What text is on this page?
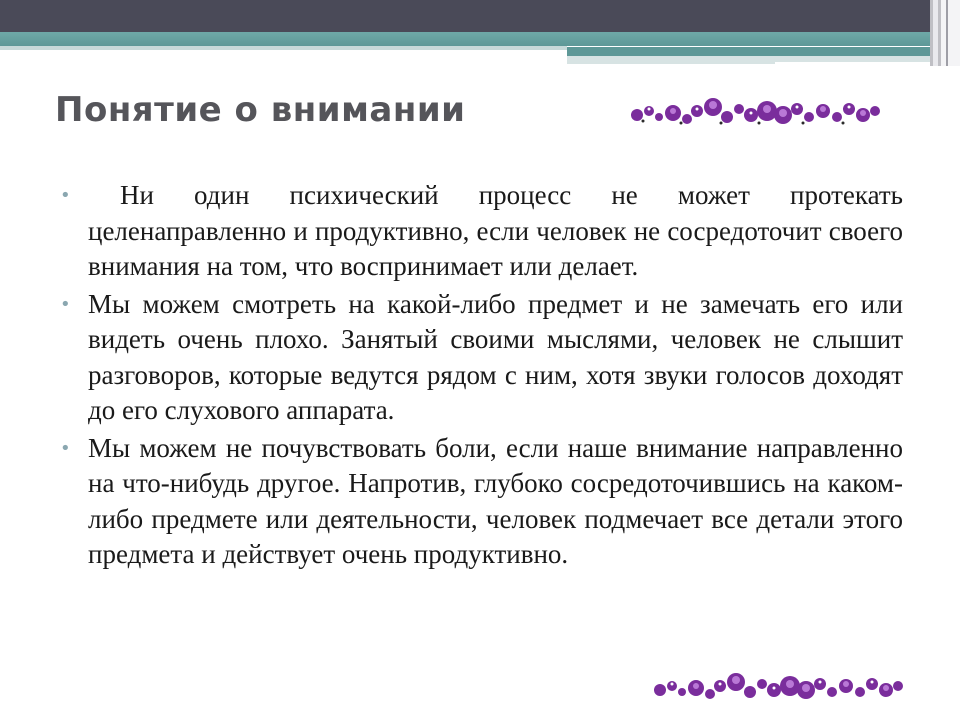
Понятие о внимании
• Ни один психический процесс не может протекать целенаправленно и продуктивно, если человек не сосредоточит своего внимания на том, что воспринимает или делает.
• Мы можем смотреть на какой-либо предмет и не замечать его или видеть очень плохо. Занятый своими мыслями, человек не слышит разговоров, которые ведутся рядом с ним, хотя звуки голосов доходят до его слухового аппарата.
• Мы можем не почувствовать боли, если наше внимание направленно на что-нибудь другое. Напротив, глубоко сосредоточившись на каком-либо предмете или деятельности, человек подмечает все детали этого предмета и действует очень продуктивно.
